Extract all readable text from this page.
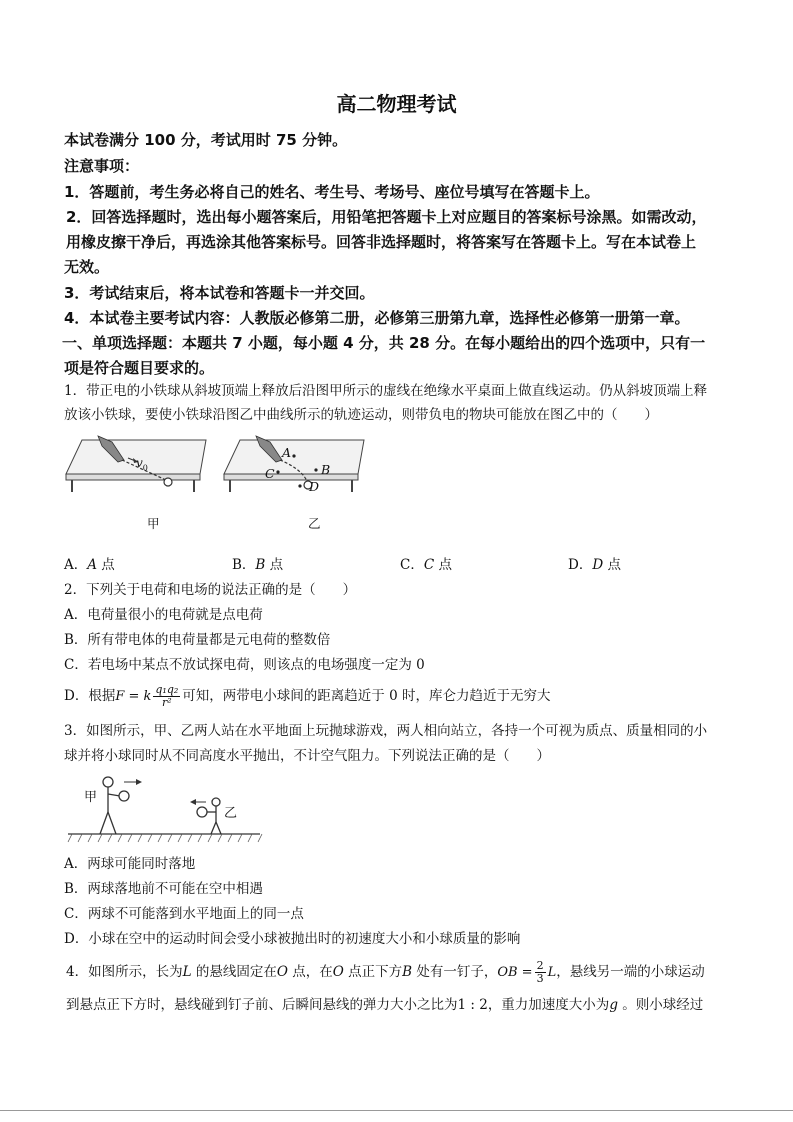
高二物理考试
本试卷满分 100 分，考试用时 75 分钟。
注意事项：
1．答题前，考生务必将自己的姓名、考生号、考场号、座位号填写在答题卡上。
2．回答选择题时，选出每小题答案后，用铅笔把答题卡上对应题目的答案标号涂黑。如需改动，
用橡皮擦干净后，再选涂其他答案标号。回答非选择题时，将答案写在答题卡上。写在本试卷上
无效。
3．考试结束后，将本试卷和答题卡一并交回。
4．本试卷主要考试内容：人教版必修第二册，必修第三册第九章，选择性必修第一册第一章。
一、单项选择题：本题共 7 小题，每小题 4 分，共 28 分。在每小题给出的四个选项中，只有一
项是符合题目要求的。
1．带正电的小铁球从斜坡顶端上释放后沿图甲所示的虚线在绝缘水平桌面上做直线运动。仍从斜坡顶端上释
放该小铁球，要使小铁球沿图乙中曲线所示的轨迹运动，则带负电的物块可能放在图乙中的（　　）
$v_0$
甲
A
B
C
D
乙
A．A 点	B．B 点	C．C 点	D．D 点
2．下列关于电荷和电场的说法正确的是（　　）
A．电荷量很小的电荷就是点电荷
B．所有带电体的电荷量都是元电荷的整数倍
C．若电场中某点不放试探电荷，则该点的电场强度一定为 0
D．根据F = k $\frac{\text{q₁q₂}}{\text{r²}}$ 可知，两带电小球间的距离趋近于 0 时，库仑力趋近于无穷大
3．如图所示，甲、乙两人站在水平地面上玩抛球游戏，两人相向站立，各持一个可视为质点、质量相同的小
球并将小球同时从不同高度水平抛出，不计空气阻力。下列说法正确的是（　　）
甲
乙
A．两球可能同时落地
B．两球落地前不可能在空中相遇
C．两球不可能落到水平地面上的同一点
D．小球在空中的运动时间会受小球被抛出时的初速度大小和小球质量的影响
4．如图所示，长为L 的悬线固定在O 点，在O 点正下方B 处有一钉子，OB = $\frac{2}{3}$ L，悬线另一端的小球运动
到悬点正下方时，悬线碰到钉子前、后瞬间悬线的弹力大小之比为1 : 2，重力加速度大小为g 。则小球经过
